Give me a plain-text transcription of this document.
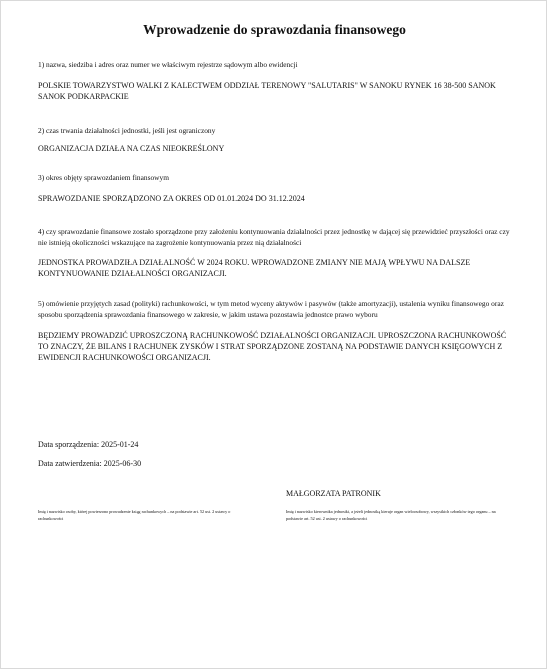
Wprowadzenie do sprawozdania finansowego
1) nazwa, siedziba i adres oraz numer we właściwym rejestrze sądowym albo ewidencji
POLSKIE TOWARZYSTWO WALKI Z KALECTWEM ODDZIAŁ TERENOWY "SALUTARIS" W SANOKU RYNEK 16 38-500 SANOK SANOK PODKARPACKIE
2) czas trwania działalności jednostki, jeśli jest ograniczony
ORGANIZACJA DZIAŁA NA CZAS NIEOKREŚLONY
3) okres objęty sprawozdaniem finansowym
SPRAWOZDANIE SPORZĄDZONO ZA OKRES OD 01.01.2024 DO 31.12.2024
4) czy sprawozdanie finansowe zostało sporządzone przy założeniu kontynuowania działalności przez jednostkę w dającej się przewidzieć przyszłości oraz czy nie istnieją okoliczności wskazujące na zagrożenie kontynuowania przez nią działalności
JEDNOSTKA PROWADZIŁA DZIAŁALNOŚĆ W 2024 ROKU. WPROWADZONE ZMIANY NIE MAJĄ WPŁYWU NA DALSZE KONTYNUOWANIE DZIAŁALNOŚCI ORGANIZACJI.
5) omówienie przyjętych zasad (polityki) rachunkowości, w tym metod wyceny aktywów i pasywów (także amortyzacji), ustalenia wyniku finansowego oraz sposobu sporządzenia sprawozdania finansowego w zakresie, w jakim ustawa pozostawia jednostce prawo wyboru
BĘDZIEMY PROWADZIĆ UPROSZCZONĄ RACHUNKOWOŚĆ DZIAŁALNOŚCI ORGANIZACJI. UPROSZCZONA RACHUNKOWOŚĆ TO ZNACZY, ŻE BILANS I RACHUNEK ZYSKÓW I STRAT SPORZĄDZONE ZOSTANĄ NA PODSTAWIE DANYCH KSIĘGOWYCH Z EWIDENCJI RACHUNKOWOŚCI ORGANIZACJI.
Data sporządzenia: 2025-01-24
Data zatwierdzenia: 2025-06-30
MAŁGORZATA PATRONIK
Imię i nazwisko osoby, której powierzono prowadzenie ksiąg rachunkowych – na podstawie art. 52 ust. 2 ustawy o rachunkowości
Imię i nazwisko kierownika jednostki, a jeżeli jednostką kieruje organ wieloosobowy, wszystkich członków tego organu – na podstawie art. 52 ust. 2 ustawy o rachunkowości
